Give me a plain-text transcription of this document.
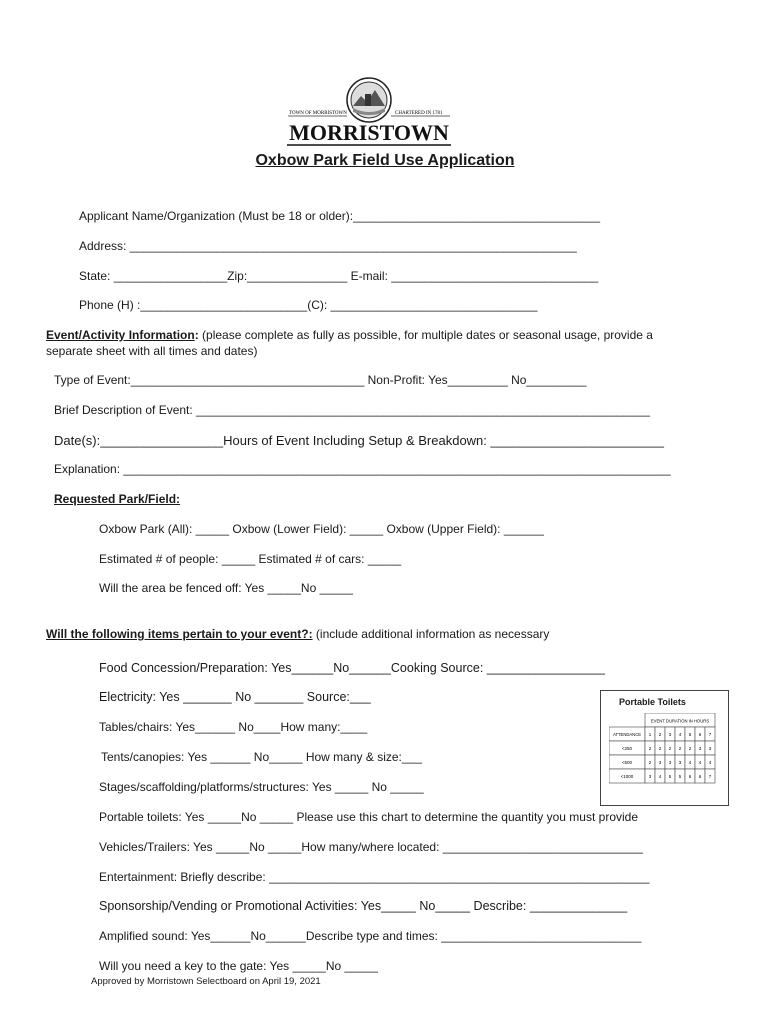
TOWN OF MORRISTOWN	CHARTERED IN 1781
MORRISTOWN
Oxbow Park Field Use Application
Applicant Name/Organization (Must be 18 or older):_____________________________________
Address: ___________________________________________________________________
State: _________________Zip:_______________ E-mail: _______________________________
Phone (H) :_________________________(C): _______________________________
Event/Activity Information: (please complete as fully as possible, for multiple dates or seasonal usage, provide a
separate sheet with all times and dates)
Type of Event:___________________________________ Non-Profit: Yes_________ No_________
Brief Description of Event: ____________________________________________________________________
Date(s):_________________Hours of Event Including Setup & Breakdown: ________________________
Explanation: __________________________________________________________________________________
Requested Park/Field:
Oxbow Park (All): _____ Oxbow (Lower Field): _____ Oxbow (Upper Field): ______
Estimated # of people: _____ Estimated # of cars: _____
Will the area be fenced off: Yes _____No _____
Will the following items pertain to your event?: (include additional information as necessary
Food Concession/Preparation: Yes______No______Cooking Source: _________________
Electricity: Yes _______ No _______ Source:___
Tables/chairs: Yes______ No____How many:____
Tents/canopies: Yes ______ No_____ How many & size:___
Stages/scaffolding/platforms/structures: Yes _____ No _____
Portable toilets: Yes _____No _____ Please use this chart to determine the quantity you must provide
Vehicles/Trailers: Yes _____No _____How many/where located: ______________________________
Entertainment: Briefly describe: _________________________________________________________
Sponsorship/Vending or Promotional Activities: Yes_____ No_____ Describe: ______________
Amplified sound: Yes______No______Describe type and times: ______________________________
Will you need a key to the gate: Yes _____No _____
Approved by Morristown Selectboard on April 19, 2021
Portable Toilets
EVENT DURATION IN HOURS
ATTENDANCE 1 2 3 4 5 6 7
<250	2 2 2 2 2 3 3
<500	2 3 3 3 4 4 4
<1000	3 4 5 5 6 6 7
